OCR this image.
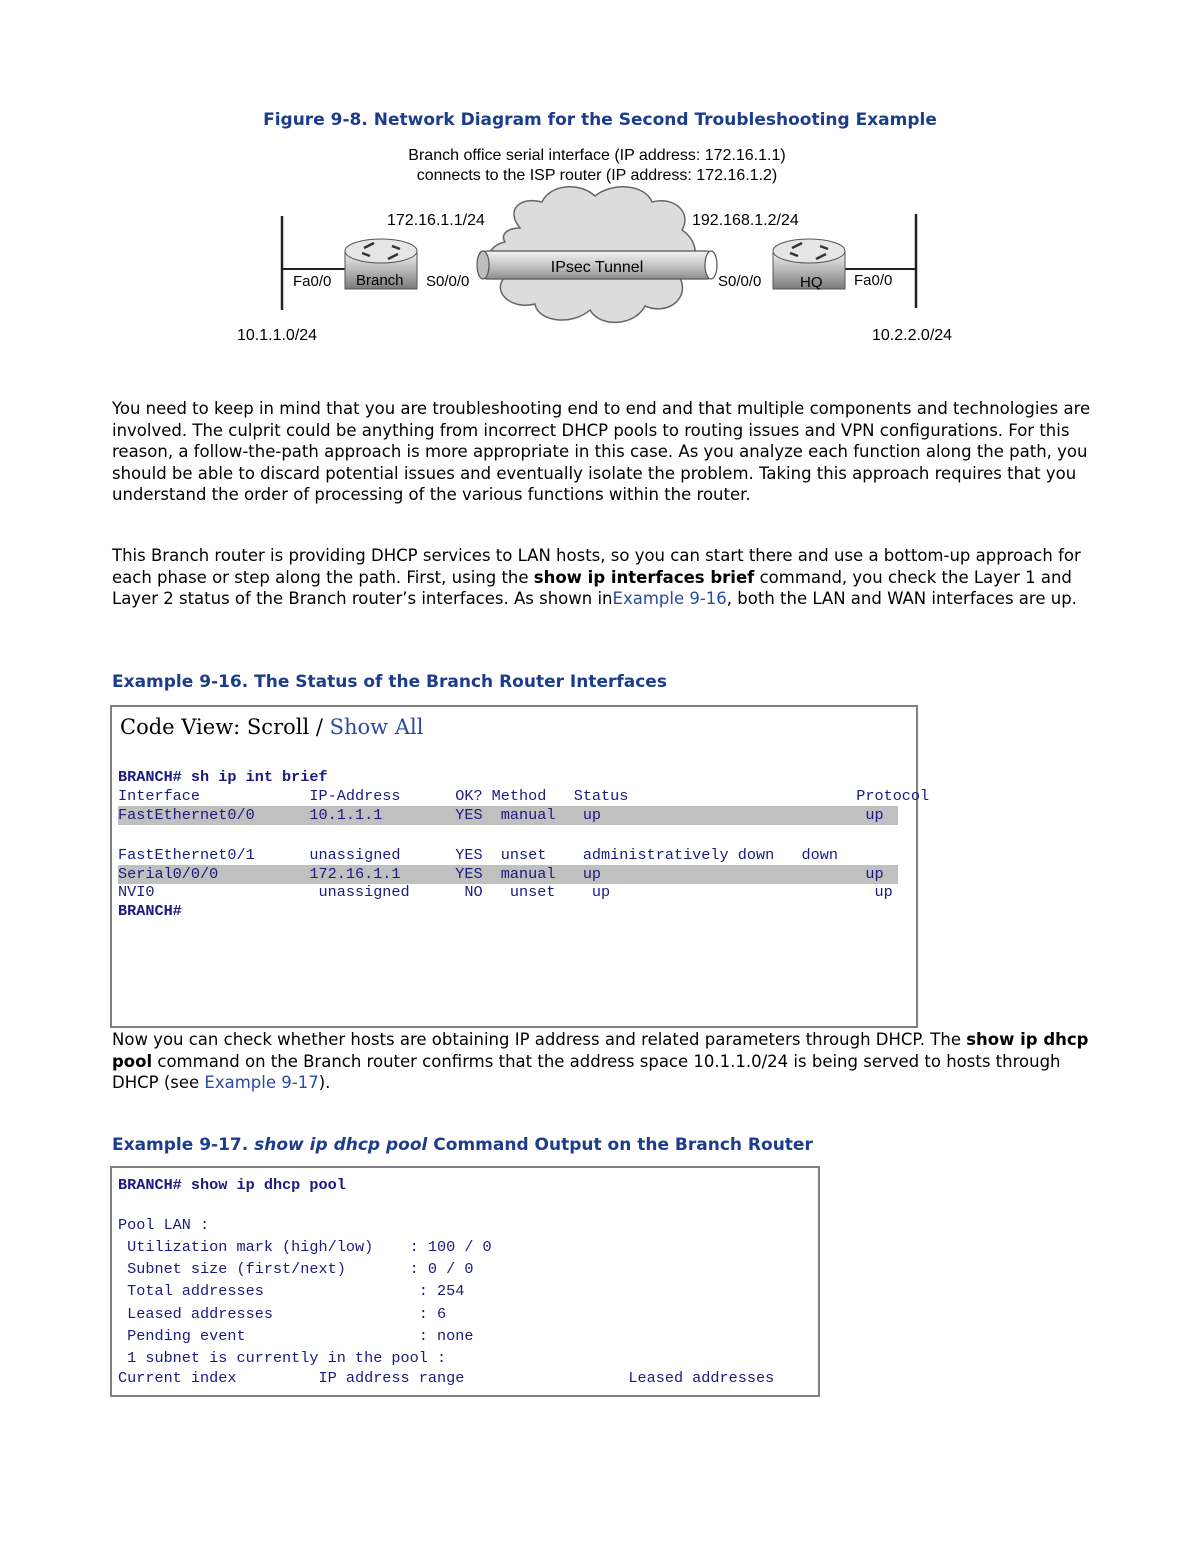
Figure 9-8. Network Diagram for the Second Troubleshooting Example
Branch office serial interface (IP address: 172.16.1.1)
connects to the ISP router (IP address: 172.16.1.2)
IPsec Tunnel
172.16.1.1/24	192.168.1.2/24
Fa0/0 Branch S0/0/0	S0/0/0	HQ Fa0/0
10.1.1.0/24	10.2.2.0/24

You need to keep in mind that you are troubleshooting end to end and that multiple components and technologies are involved. The culprit could be anything from incorrect DHCP pools to routing issues and VPN configurations. For this reason, a follow-the-path approach is more appropriate in this case. As you analyze each function along the path, you should be able to discard potential issues and eventually isolate the problem. Taking this approach requires that you understand the order of processing of the various functions within the router.

This Branch router is providing DHCP services to LAN hosts, so you can start there and use a bottom-up approach for each phase or step along the path. First, using the show ip interfaces brief command, you check the Layer 1 and Layer 2 status of the Branch router’s interfaces. As shown inExample 9-16, both the LAN and WAN interfaces are up.

Example 9-16. The Status of the Branch Router Interfaces
Code View: Scroll / Show All
BRANCH# sh ip int brief
Interface            IP-Address      OK? Method   Status                         Protocol
FastEthernet0/0      10.1.1.1        YES  manual   up                             up
FastEthernet0/1      unassigned      YES  unset    administratively down   down
Serial0/0/0          172.16.1.1      YES  manual   up                             up
NVI0                  unassigned      NO   unset    up                             up
BRANCH#

Now you can check whether hosts are obtaining IP address and related parameters through DHCP. The show ip dhcp pool command on the Branch router confirms that the address space 10.1.1.0/24 is being served to hosts through DHCP (see Example 9-17).

Example 9-17. show ip dhcp pool Command Output on the Branch Router
BRANCH# show ip dhcp pool
Pool LAN :
Utilization mark (high/low)    : 100 / 0
Subnet size (first/next)       : 0 / 0
Total addresses                 : 254
Leased addresses                : 6
Pending event                   : none
1 subnet is currently in the pool :
Current index         IP address range                  Leased addresses
